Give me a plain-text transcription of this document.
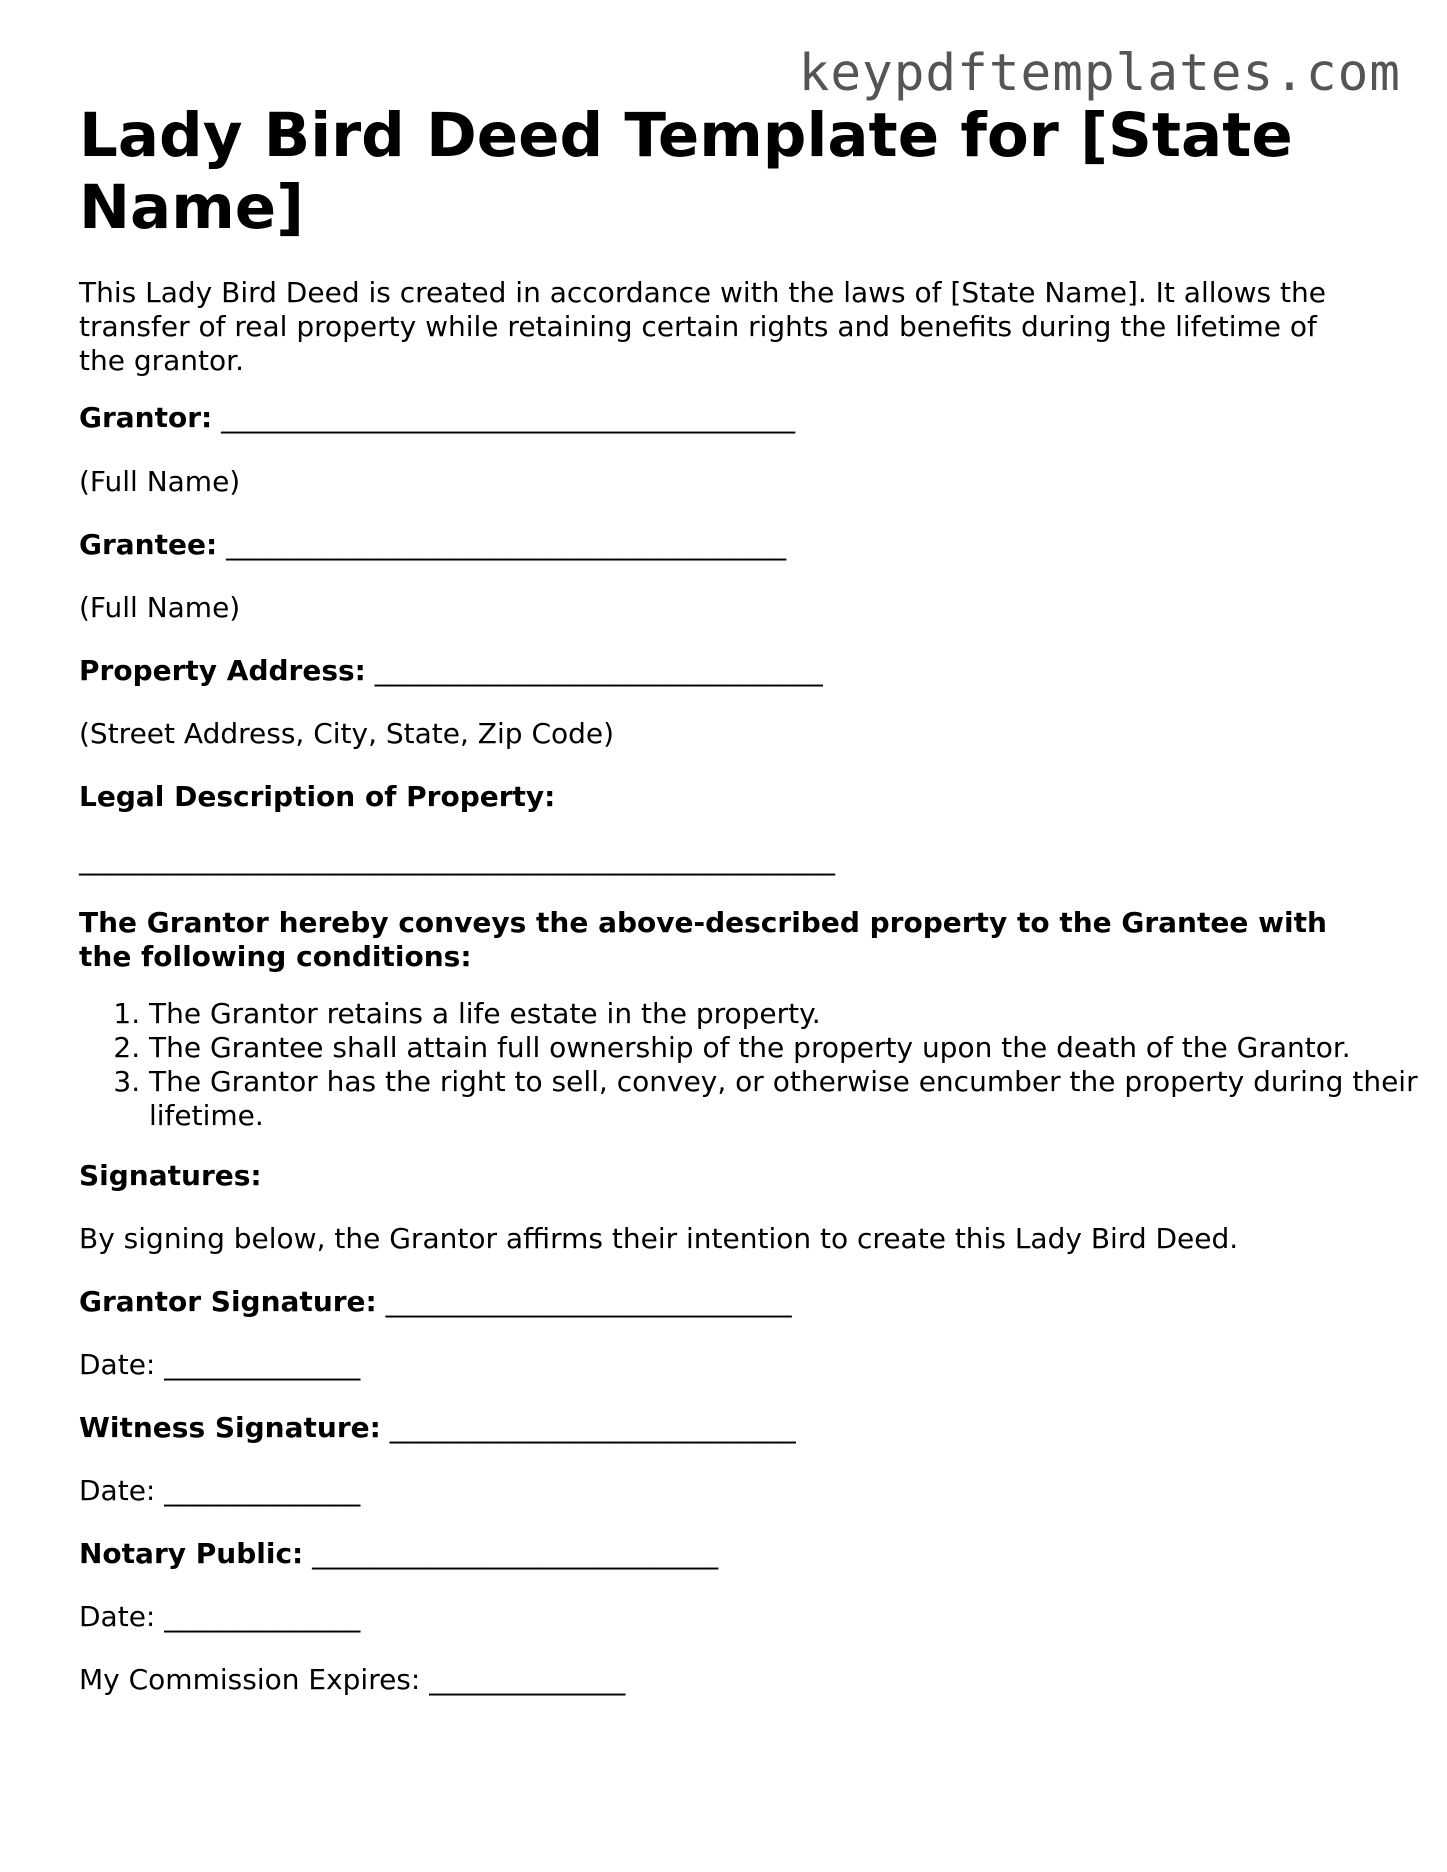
keypdftemplates.com
Lady Bird Deed Template for [State Name]

This Lady Bird Deed is created in accordance with the laws of [State Name]. It allows the transfer of real property while retaining certain rights and benefits during the lifetime of the grantor.

Grantor: _________________________________________

(Full Name)

Grantee: ________________________________________

(Full Name)

Property Address: ________________________________

(Street Address, City, State, Zip Code)

Legal Description of Property:

______________________________________________________

The Grantor hereby conveys the above-described property to the Grantee with the following conditions:

1. The Grantor retains a life estate in the property.
2. The Grantee shall attain full ownership of the property upon the death of the Grantor.
3. The Grantor has the right to sell, convey, or otherwise encumber the property during their lifetime.

Signatures:

By signing below, the Grantor affirms their intention to create this Lady Bird Deed.

Grantor Signature: _____________________________

Date: ______________

Witness Signature: _____________________________

Date: ______________

Notary Public: _____________________________

Date: ______________

My Commission Expires: ______________
